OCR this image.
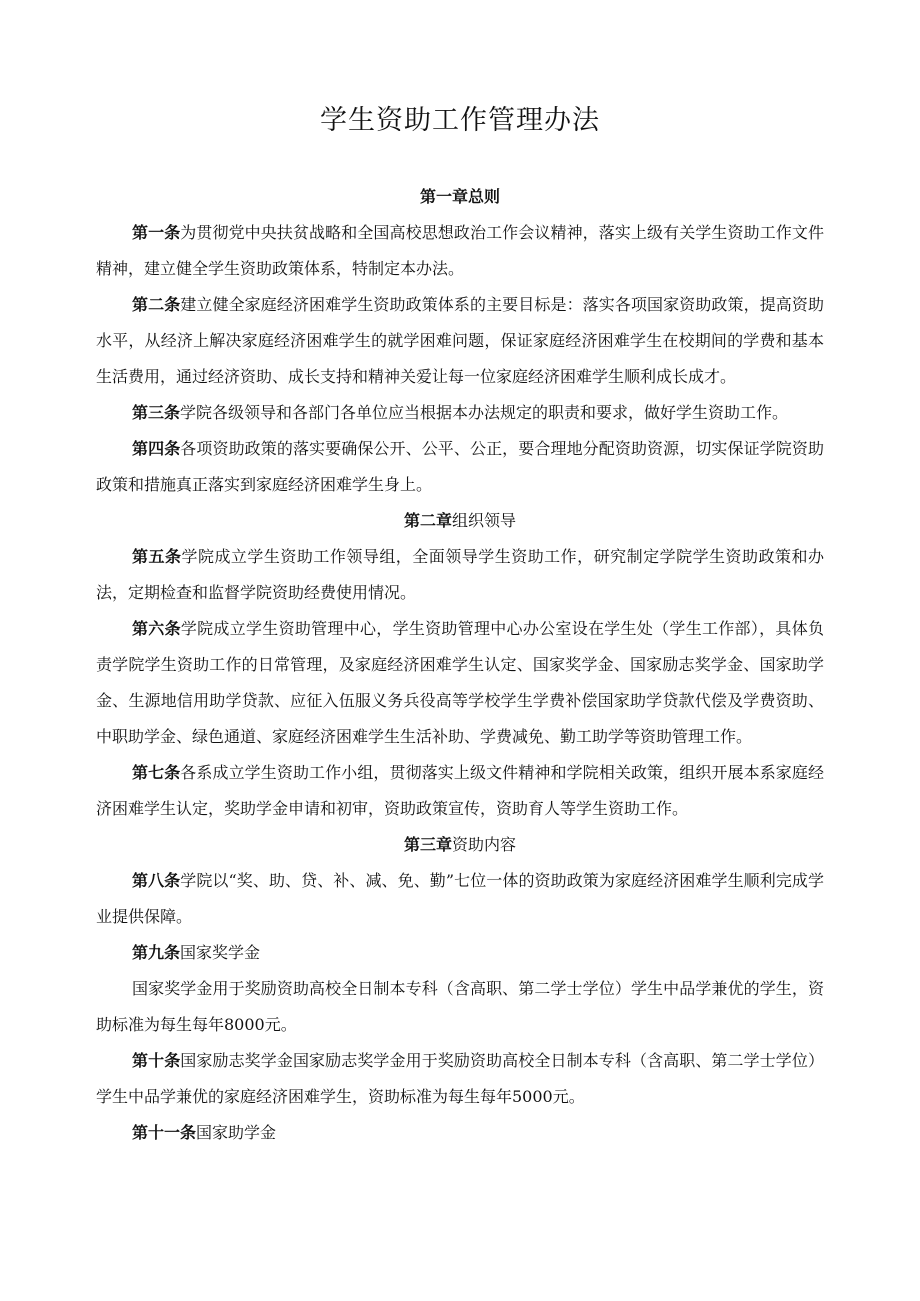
学生资助工作管理办法

第一章总则

第一条为贯彻党中央扶贫战略和全国高校思想政治工作会议精神，落实上级有关学生资助工作文件精神，建立健全学生资助政策体系，特制定本办法。

第二条建立健全家庭经济困难学生资助政策体系的主要目标是：落实各项国家资助政策，提高资助水平，从经济上解决家庭经济困难学生的就学困难问题，保证家庭经济困难学生在校期间的学费和基本生活费用，通过经济资助、成长支持和精神关爱让每一位家庭经济困难学生顺利成长成才。

第三条学院各级领导和各部门各单位应当根据本办法规定的职责和要求，做好学生资助工作。

第四条各项资助政策的落实要确保公开、公平、公正，要合理地分配资助资源，切实保证学院资助政策和措施真正落实到家庭经济困难学生身上。

第二章组织领导

第五条学院成立学生资助工作领导组，全面领导学生资助工作，研究制定学院学生资助政策和办法，定期检查和监督学院资助经费使用情况。

第六条学院成立学生资助管理中心，学生资助管理中心办公室设在学生处（学生工作部），具体负责学院学生资助工作的日常管理，及家庭经济困难学生认定、国家奖学金、国家励志奖学金、国家助学金、生源地信用助学贷款、应征入伍服义务兵役高等学校学生学费补偿国家助学贷款代偿及学费资助、中职助学金、绿色通道、家庭经济困难学生生活补助、学费减免、勤工助学等资助管理工作。

第七条各系成立学生资助工作小组，贯彻落实上级文件精神和学院相关政策，组织开展本系家庭经济困难学生认定，奖助学金申请和初审，资助政策宣传，资助育人等学生资助工作。

第三章资助内容

第八条学院以“奖、助、贷、补、减、免、勤”七位一体的资助政策为家庭经济困难学生顺利完成学业提供保障。

第九条国家奖学金

国家奖学金用于奖励资助高校全日制本专科（含高职、第二学士学位）学生中品学兼优的学生，资助标准为每生每年8000元。

第十条国家励志奖学金国家励志奖学金用于奖励资助高校全日制本专科（含高职、第二学士学位）学生中品学兼优的家庭经济困难学生，资助标准为每生每年5000元。

第十一条国家助学金
